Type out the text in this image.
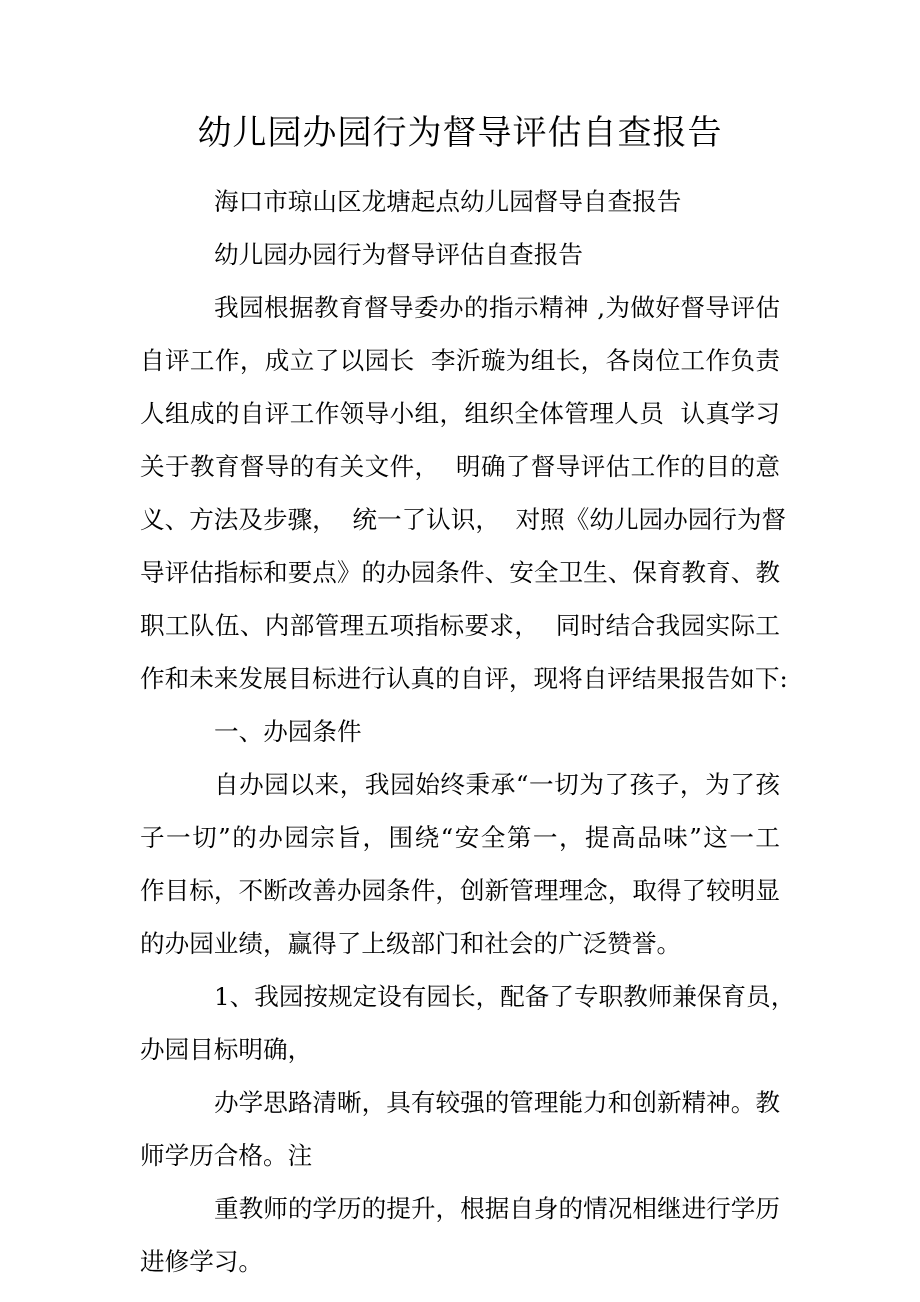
幼儿园办园行为督导评估自查报告
海口市琼山区龙塘起点幼儿园督导自查报告
幼儿园办园行为督导评估自查报告
我园根据教育督导委办的指示精神 ,为做好督导评估
自评工作，成立了以园长  李沂璇为组长，各岗位工作负责
人组成的自评工作领导小组，组织全体管理人员  认真学习
关于教育督导的有关文件，  明确了督导评估工作的目的意
义、方法及步骤，  统一了认识，  对照《幼儿园办园行为督
导评估指标和要点》的办园条件、安全卫生、保育教育、教
职工队伍、内部管理五项指标要求，  同时结合我园实际工
作和未来发展目标进行认真的自评，现将自评结果报告如下:
一、办园条件
自办园以来，我园始终秉承“一切为了孩子，为了孩
子一切”的办园宗旨，围绕“安全第一，提高品味”这一工
作目标，不断改善办园条件，创新管理理念，取得了较明显
的办园业绩，赢得了上级部门和社会的广泛赞誉。
1、我园按规定设有园长，配备了专职教师兼保育员，
办园目标明确，
办学思路清晰，具有较强的管理能力和创新精神。教
师学历合格。注
重教师的学历的提升，根据自身的情况相继进行学历
进修学习。
